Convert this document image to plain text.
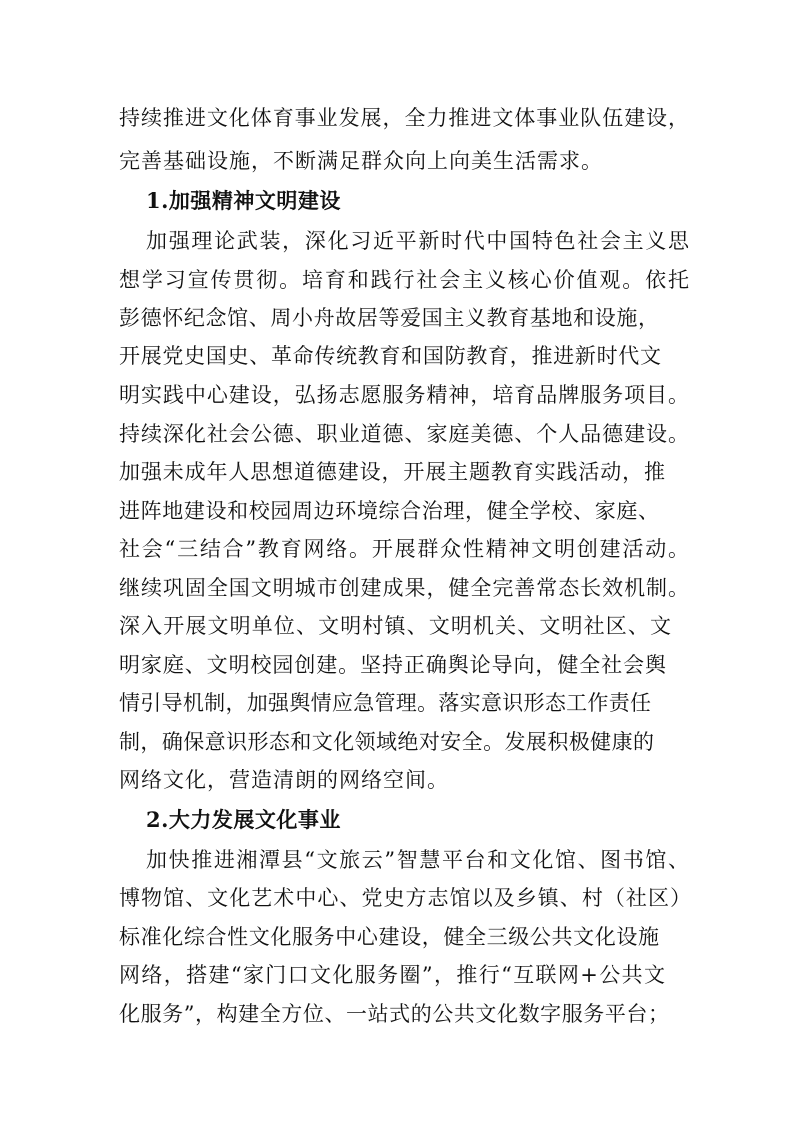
持续推进文化体育事业发展，全力推进文体事业队伍建设，
完善基础设施，不断满足群众向上向美生活需求。
1.加强精神文明建设
加强理论武装，深化习近平新时代中国特色社会主义思
想学习宣传贯彻。培育和践行社会主义核心价值观。依托
彭德怀纪念馆、周小舟故居等爱国主义教育基地和设施，
开展党史国史、革命传统教育和国防教育，推进新时代文
明实践中心建设，弘扬志愿服务精神，培育品牌服务项目。
持续深化社会公德、职业道德、家庭美德、个人品德建设。
加强未成年人思想道德建设，开展主题教育实践活动，推
进阵地建设和校园周边环境综合治理，健全学校、家庭、
社会“三结合”教育网络。开展群众性精神文明创建活动。
继续巩固全国文明城市创建成果，健全完善常态长效机制。
深入开展文明单位、文明村镇、文明机关、文明社区、文
明家庭、文明校园创建。坚持正确舆论导向，健全社会舆
情引导机制，加强舆情应急管理。落实意识形态工作责任
制，确保意识形态和文化领域绝对安全。发展积极健康的
网络文化，营造清朗的网络空间。
2.大力发展文化事业
加快推进湘潭县“文旅云”智慧平台和文化馆、图书馆、
博物馆、文化艺术中心、党史方志馆以及乡镇、村（社区）
标准化综合性文化服务中心建设，健全三级公共文化设施
网络，搭建“家门口文化服务圈”，推行“互联网+公共文
化服务”，构建全方位、一站式的公共文化数字服务平台；
